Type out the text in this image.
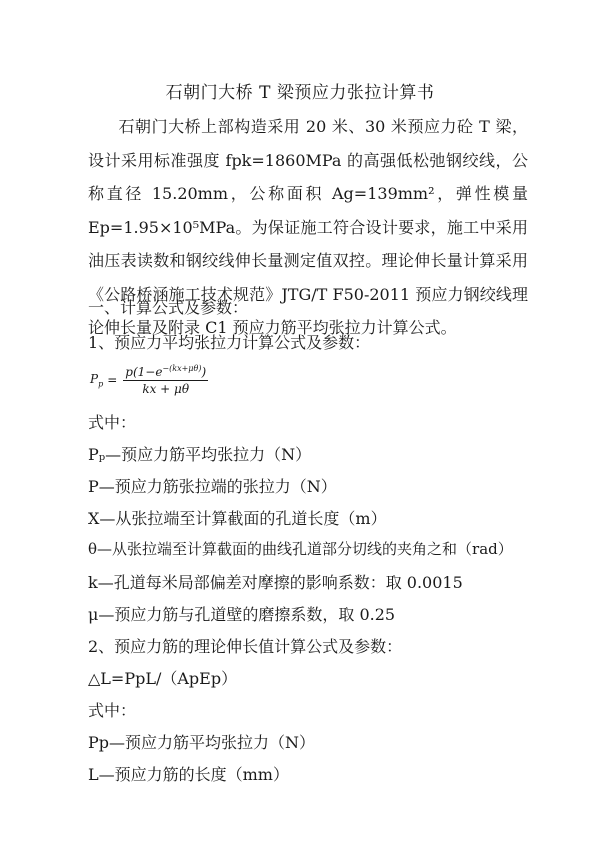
石朝门大桥 T 梁预应力张拉计算书

石朝门大桥上部构造采用 20 米、30 米预应力砼 T 梁，设计采用标准强度 fpk=1860MPa 的高强低松弛钢绞线，公称直径 15.20mm，公称面积 Ag=139mm²，弹性模量 Ep=1.95×10⁵MPa。为保证施工符合设计要求，施工中采用油压表读数和钢绞线伸长量测定值双控。理论伸长量计算采用《公路桥涵施工技术规范》JTG/T F50-2011 预应力钢绞线理论伸长量及附录 C1 预应力筋平均张拉力计算公式。

一、计算公式及参数：
1、预应力平均张拉力计算公式及参数：
$P_p = \frac{p(1-e^{-(kx+\mu\theta)})}{kx + \mu\theta}$
式中：
Pₚ—预应力筋平均张拉力（N）
P—预应力筋张拉端的张拉力（N）
X—从张拉端至计算截面的孔道长度（m）
θ—从张拉端至计算截面的曲线孔道部分切线的夹角之和（rad）
k—孔道每米局部偏差对摩擦的影响系数：取 0.0015
μ—预应力筋与孔道壁的磨擦系数，取 0.25
2、预应力筋的理论伸长值计算公式及参数：
△L=PpL/（ApEp）
式中：
Pp—预应力筋平均张拉力（N）
L—预应力筋的长度（mm）
